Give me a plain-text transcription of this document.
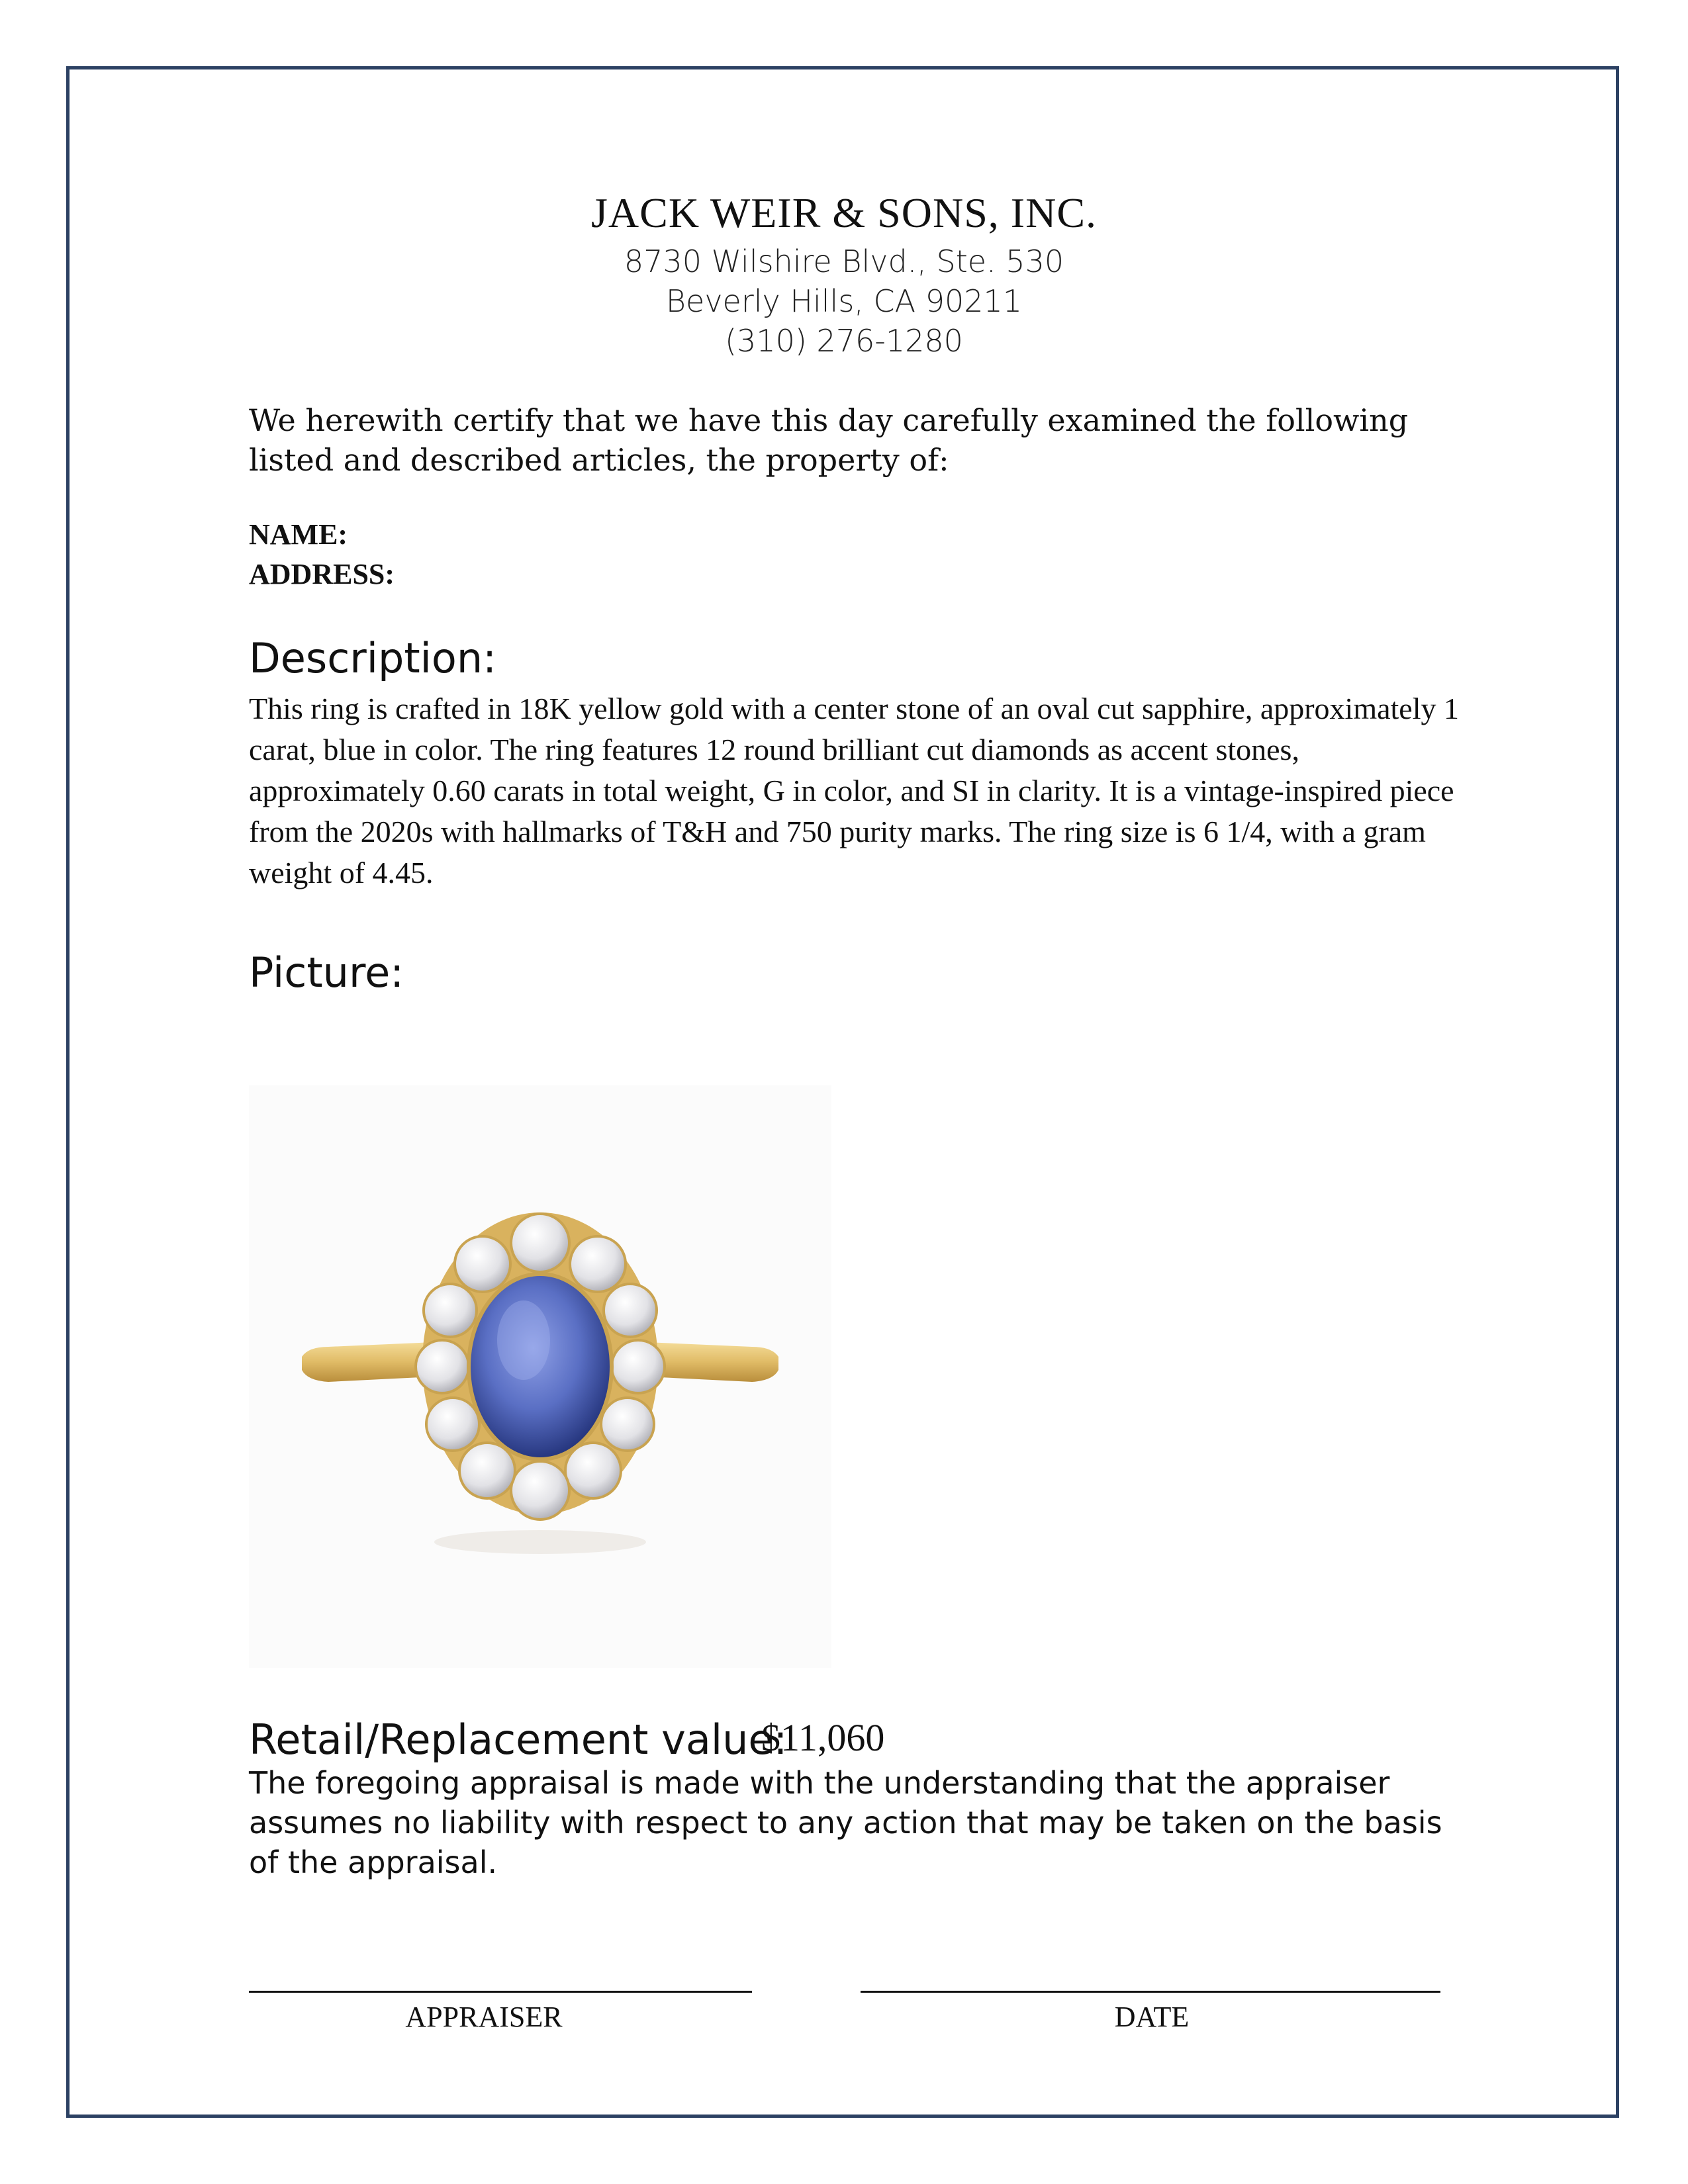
JACK WEIR & SONS, INC.
8730 Wilshire Blvd., Ste. 530
Beverly Hills, CA 90211
(310) 276-1280
We herewith certify that we have this day carefully examined the following listed and described articles, the property of:
NAME:
ADDRESS:
Description:
This ring is crafted in 18K yellow gold with a center stone of an oval cut sapphire, approximately 1 carat, blue in color. The ring features 12 round brilliant cut diamonds as accent stones, approximately 0.60 carats in total weight, G in color, and SI in clarity. It is a vintage-inspired piece from the 2020s with hallmarks of T&H and 750 purity marks. The ring size is 6 1/4, with a gram weight of 4.45.
Picture:
Retail/Replacement value:
$11,060
The foregoing appraisal is made with the understanding that the appraiser assumes no liability with respect to any action that may be taken on the basis of the appraisal.
APPRAISER	DATE
